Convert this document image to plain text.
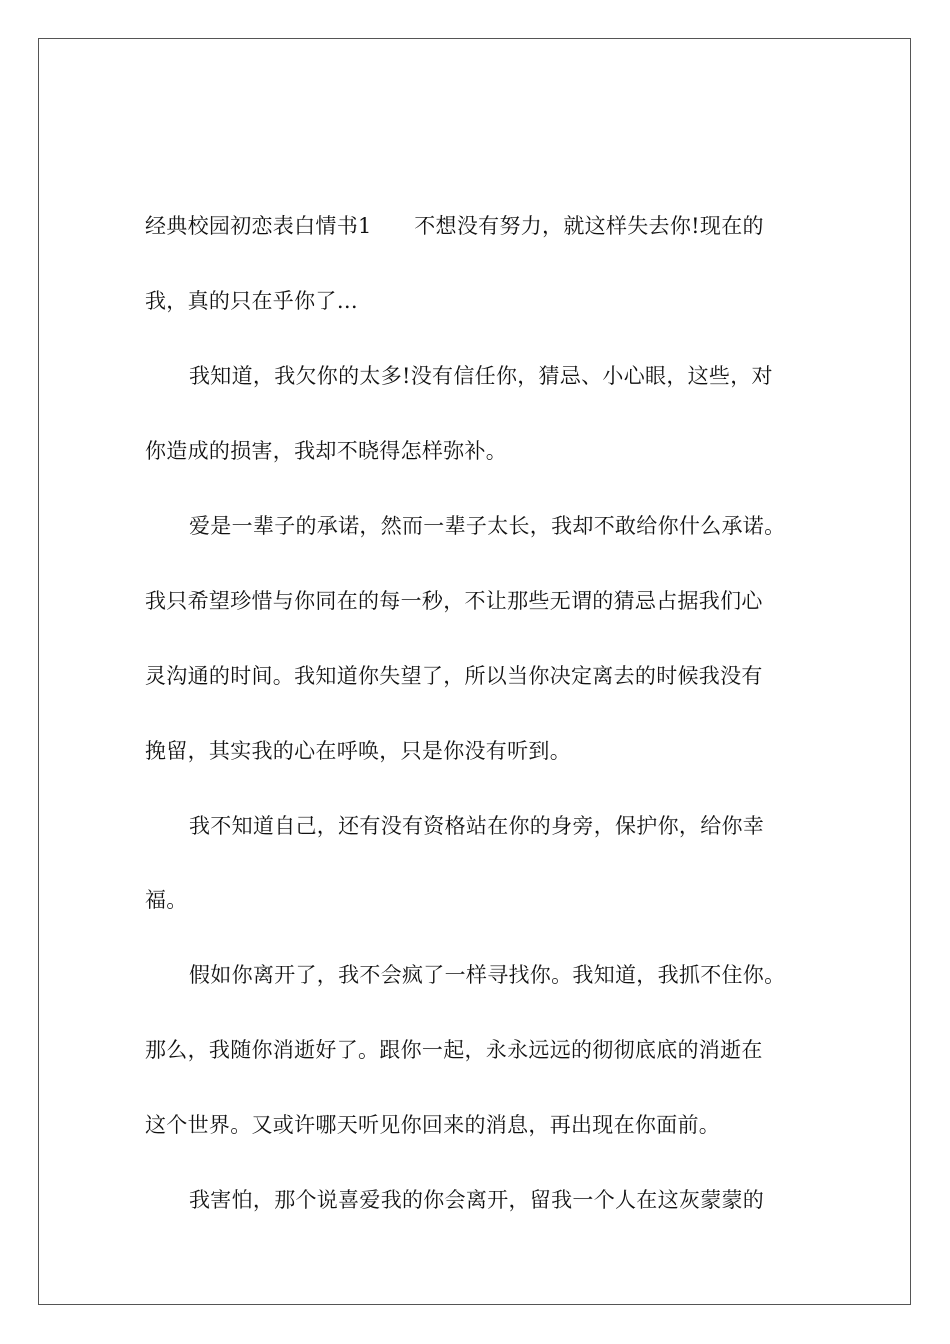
经典校园初恋表白情书1　　不想没有努力，就这样失去你!现在的
我，真的只在乎你了…
我知道，我欠你的太多!没有信任你，猜忌、小心眼，这些，对
你造成的损害，我却不晓得怎样弥补。
爱是一辈子的承诺，然而一辈子太长，我却不敢给你什么承诺。
我只希望珍惜与你同在的每一秒，不让那些无谓的猜忌占据我们心
灵沟通的时间。我知道你失望了，所以当你决定离去的时候我没有
挽留，其实我的心在呼唤，只是你没有听到。
我不知道自己，还有没有资格站在你的身旁，保护你，给你幸
福。
假如你离开了，我不会疯了一样寻找你。我知道，我抓不住你。
那么，我随你消逝好了。跟你一起，永永远远的彻彻底底的消逝在
这个世界。又或许哪天听见你回来的消息，再出现在你面前。
我害怕，那个说喜爱我的你会离开，留我一个人在这灰蒙蒙的
